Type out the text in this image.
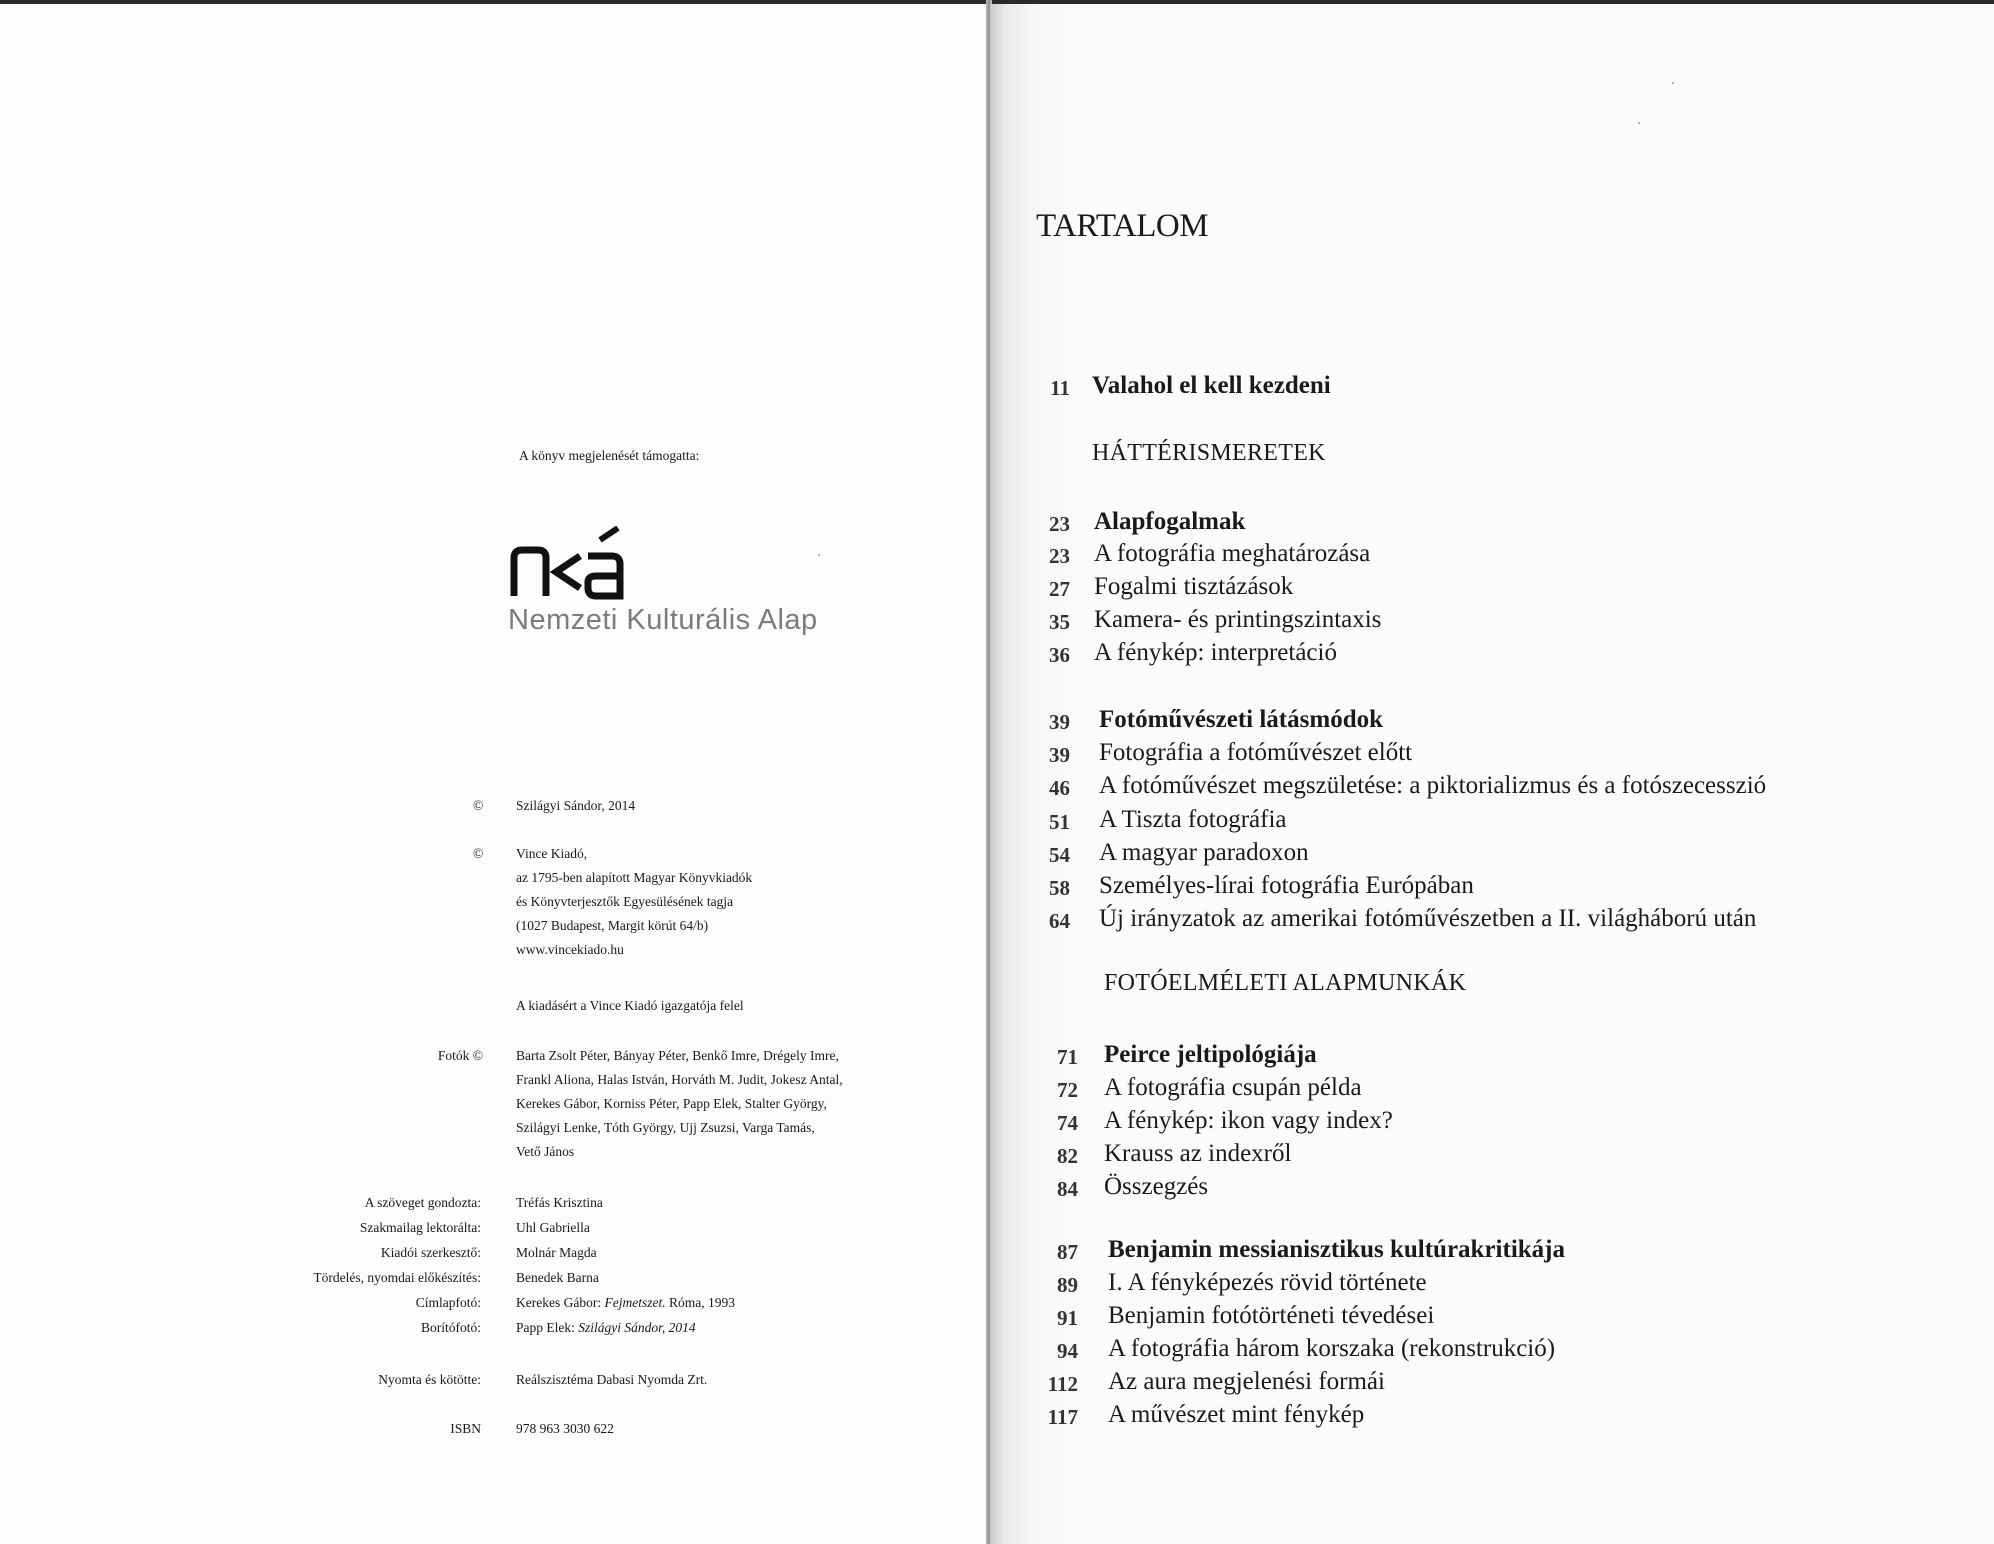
A könyv megjelenését támogatta:
Nemzeti Kulturális Alap
© Szilágyi Sándor, 2014
© Vince Kiadó,
az 1795-ben alapított Magyar Könyvkiadók
és Könyvterjesztők Egyesülésének tagja
(1027 Budapest, Margit körút 64/b)
www.vincekiado.hu
A kiadásért a Vince Kiadó igazgatója felel
Fotók © Barta Zsolt Péter, Bányay Péter, Benkő Imre, Drégely Imre,
Frankl Aliona, Halas István, Horváth M. Judit, Jokesz Antal,
Kerekes Gábor, Korniss Péter, Papp Elek, Stalter György,
Szilágyi Lenke, Tóth György, Ujj Zsuzsi, Varga Tamás,
Vető János
A szöveget gondozta:	Tréfás Krisztina
Szakmailag lektorálta:	Uhl Gabriella
Kiadói szerkesztő:	Molnár Magda
Tördelés, nyomdai előkészítés:	Benedek Barna
Címlapfotó:	Kerekes Gábor: Fejmetszet. Róma, 1993
Borítófotó:	Papp Elek: Szilágyi Sándor, 2014
Nyomta és kötötte:	Reálszisztéma Dabasi Nyomda Zrt.
ISBN	978 963 3030 622
TARTALOM
11 Valahol el kell kezdeni
HÁTTÉRISMERETEK
23 Alapfogalmak
23 A fotográfia meghatározása
27 Fogalmi tisztázások
35 Kamera- és printingszintaxis
36 A fénykép: interpretáció
39 Fotóművészeti látásmódok
39 Fotográfia a fotóművészet előtt
46 A fotóművészet megszületése: a piktorializmus és a fotószecesszió
51 A Tiszta fotográfia
54 A magyar paradoxon
58 Személyes-lírai fotográfia Európában
64 Új irányzatok az amerikai fotóművészetben a II. világháború után
FOTÓELMÉLETI ALAPMUNKÁK
71 Peirce jeltipológiája
72 A fotográfia csupán példa
74 A fénykép: ikon vagy index?
82 Krauss az indexről
84 Összegzés
87 Benjamin messianisztikus kultúrakritikája
89 I. A fényképezés rövid története
91 Benjamin fotótörténeti tévedései
94 A fotográfia három korszaka (rekonstrukció)
112 Az aura megjelenési formái
117 A művészet mint fénykép
